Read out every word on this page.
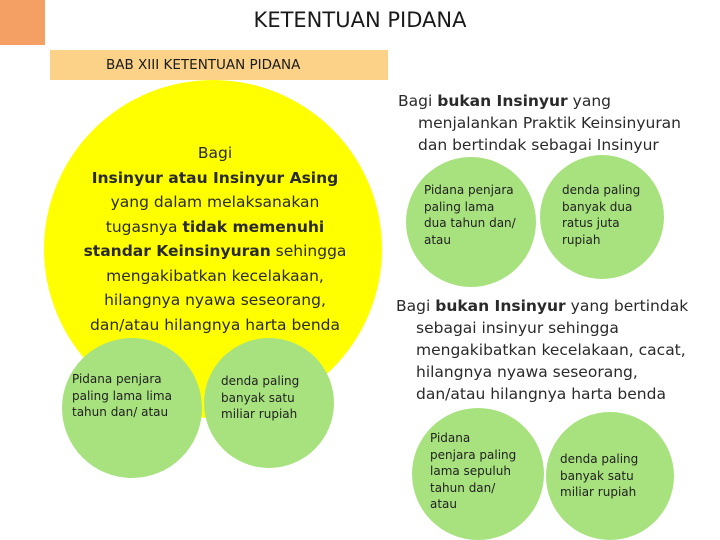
KETENTUAN PIDANA
BAB XIII KETENTUAN PIDANA
Bagi
Insinyur atau Insinyur Asing
yang dalam melaksanakan
tugasnya tidak memenuhi
standar Keinsinyuran sehingga
mengakibatkan kecelakaan,
hilangnya nyawa seseorang,
dan/atau hilangnya harta benda
Pidana penjara
paling lama lima
tahun dan/ atau
denda paling
banyak satu
miliar rupiah
Bagi bukan Insinyur yang
menjalankan Praktik Keinsinyuran
dan bertindak sebagai Insinyur
Pidana penjara
paling lama
dua tahun dan/
atau
denda paling
banyak dua
ratus juta
rupiah
Bagi bukan Insinyur yang bertindak
sebagai insinyur sehingga
mengakibatkan kecelakaan, cacat,
hilangnya nyawa seseorang,
dan/atau hilangnya harta benda
Pidana
penjara paling
lama sepuluh
tahun dan/
atau
denda paling
banyak satu
miliar rupiah
